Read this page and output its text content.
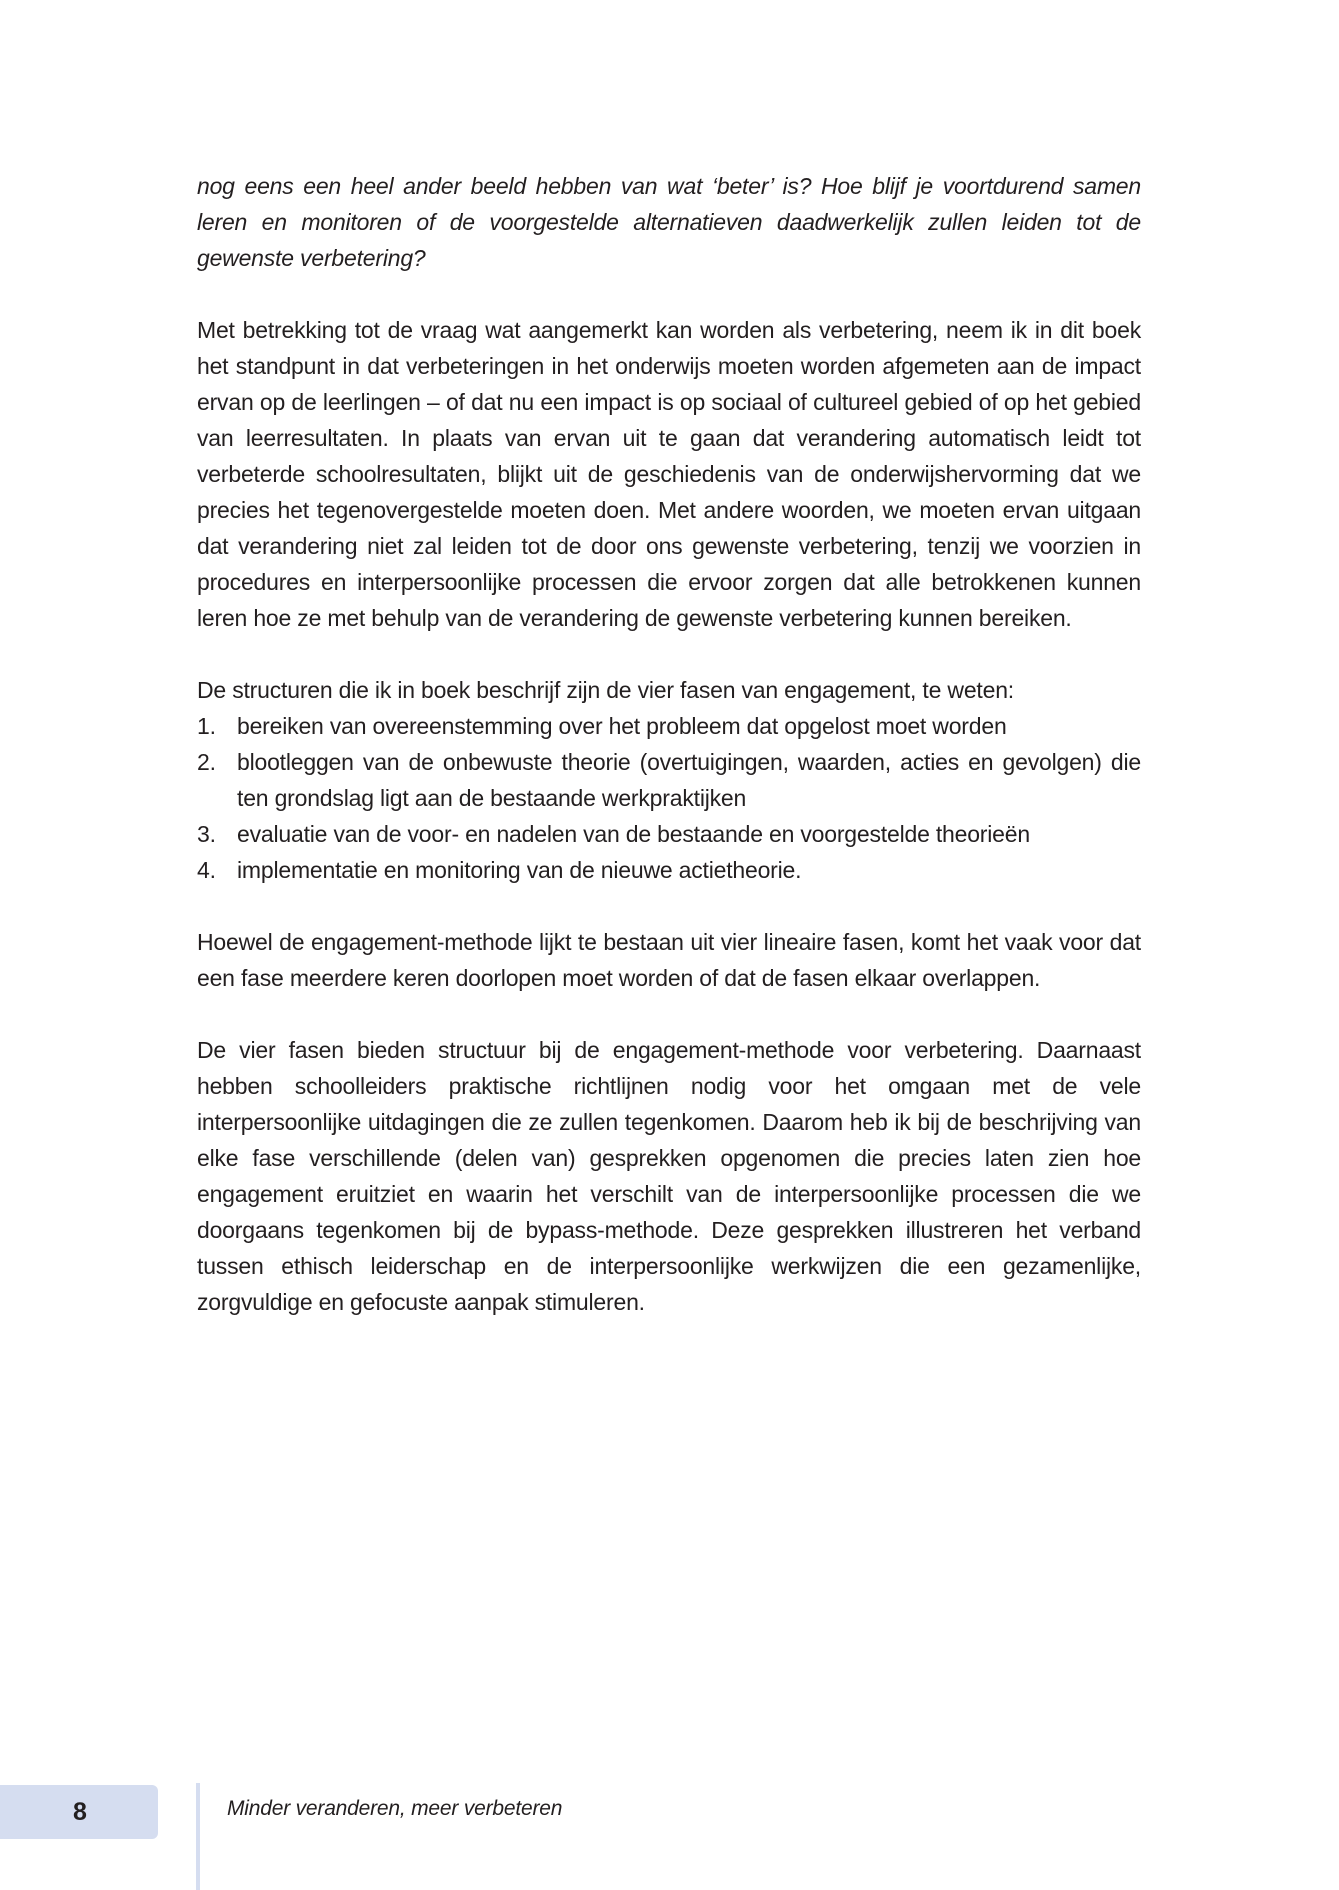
nog eens een heel ander beeld hebben van wat ‘beter’ is? Hoe blijf je voortdurend samen leren en monitoren of de voorgestelde alternatieven daadwerkelijk zullen leiden tot de gewenste verbetering?

Met betrekking tot de vraag wat aangemerkt kan worden als verbetering, neem ik in dit boek het standpunt in dat verbeteringen in het onderwijs moeten worden afgemeten aan de impact ervan op de leerlingen – of dat nu een impact is op sociaal of cultureel gebied of op het gebied van leerresultaten. In plaats van ervan uit te gaan dat verandering automatisch leidt tot verbeterde schoolresultaten, blijkt uit de geschiedenis van de onderwijshervorming dat we precies het tegenovergestelde moeten doen. Met andere woorden, we moeten ervan uitgaan dat verandering niet zal leiden tot de door ons gewenste verbetering, tenzij we voorzien in procedures en interpersoonlijke processen die ervoor zorgen dat alle betrokkenen kunnen leren hoe ze met behulp van de verandering de gewenste verbetering kunnen bereiken.

De structuren die ik in boek beschrijf zijn de vier fasen van engagement, te weten:

1. bereiken van overeenstemming over het probleem dat opgelost moet worden
2. blootleggen van de onbewuste theorie (overtuigingen, waarden, acties en gevolgen) die ten grondslag ligt aan de bestaande werkpraktijken
3. evaluatie van de voor- en nadelen van de bestaande en voorgestelde theorieën
4. implementatie en monitoring van de nieuwe actietheorie.

Hoewel de engagement-methode lijkt te bestaan uit vier lineaire fasen, komt het vaak voor dat een fase meerdere keren doorlopen moet worden of dat de fasen elkaar overlappen.

De vier fasen bieden structuur bij de engagement-methode voor verbetering. Daarnaast hebben schoolleiders praktische richtlijnen nodig voor het omgaan met de vele interpersoonlijke uitdagingen die ze zullen tegenkomen. Daarom heb ik bij de beschrijving van elke fase verschillende (delen van) gesprekken opgenomen die precies laten zien hoe engagement eruitziet en waarin het verschilt van de interpersoonlijke processen die we doorgaans tegenkomen bij de bypass-methode. Deze gesprekken illustreren het verband tussen ethisch leiderschap en de interpersoonlijke werkwijzen die een gezamenlijke, zorgvuldige en gefocuste aanpak stimuleren.

8	Minder veranderen, meer verbeteren
